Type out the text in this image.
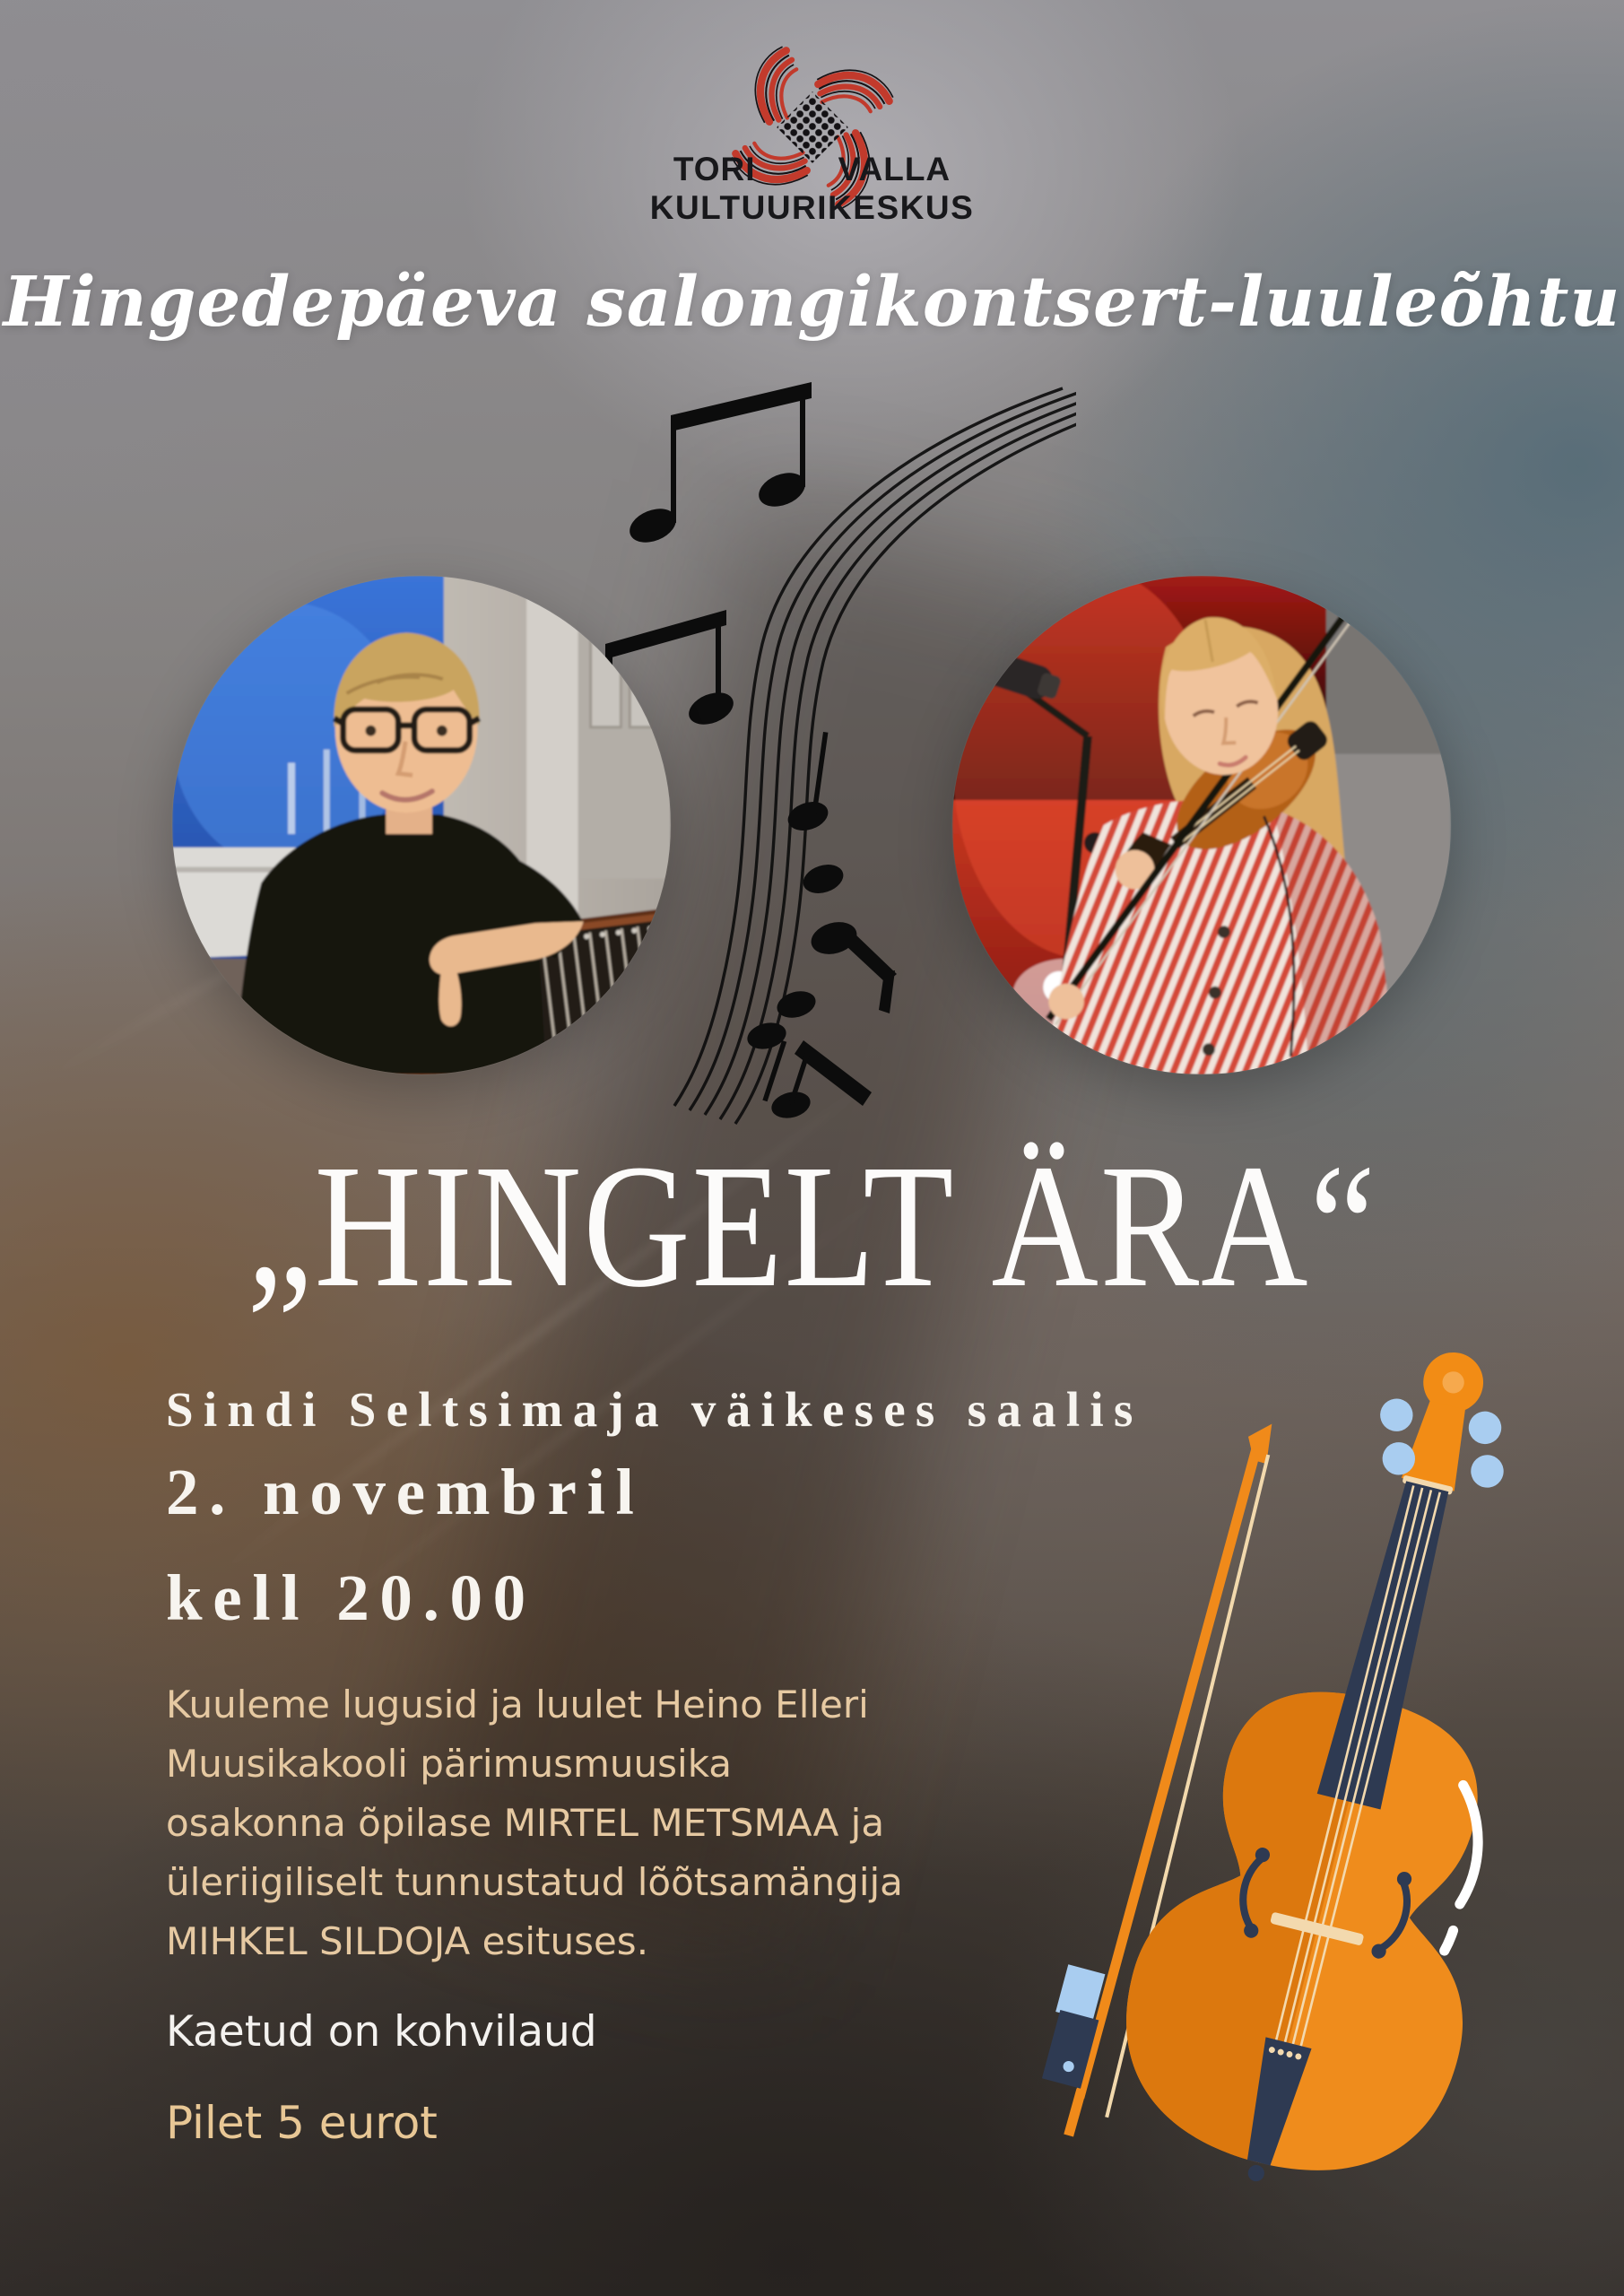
TORI VALLA
KULTUURIKESKUS
Hingedepäeva salongikontsert-luuleõhtu
„HINGELT ÄRA“
Sindi Seltsimaja väikeses saalis
2. novembril
kell 20.00
Kuuleme lugusid ja luulet Heino Elleri
Muusikakooli pärimusmuusika
osakonna õpilase MIRTEL METSMAA ja
üleriigiliselt tunnustatud lõõtsamängija
MIHKEL SILDOJA esituses.
Kaetud on kohvilaud
Pilet 5 eurot
